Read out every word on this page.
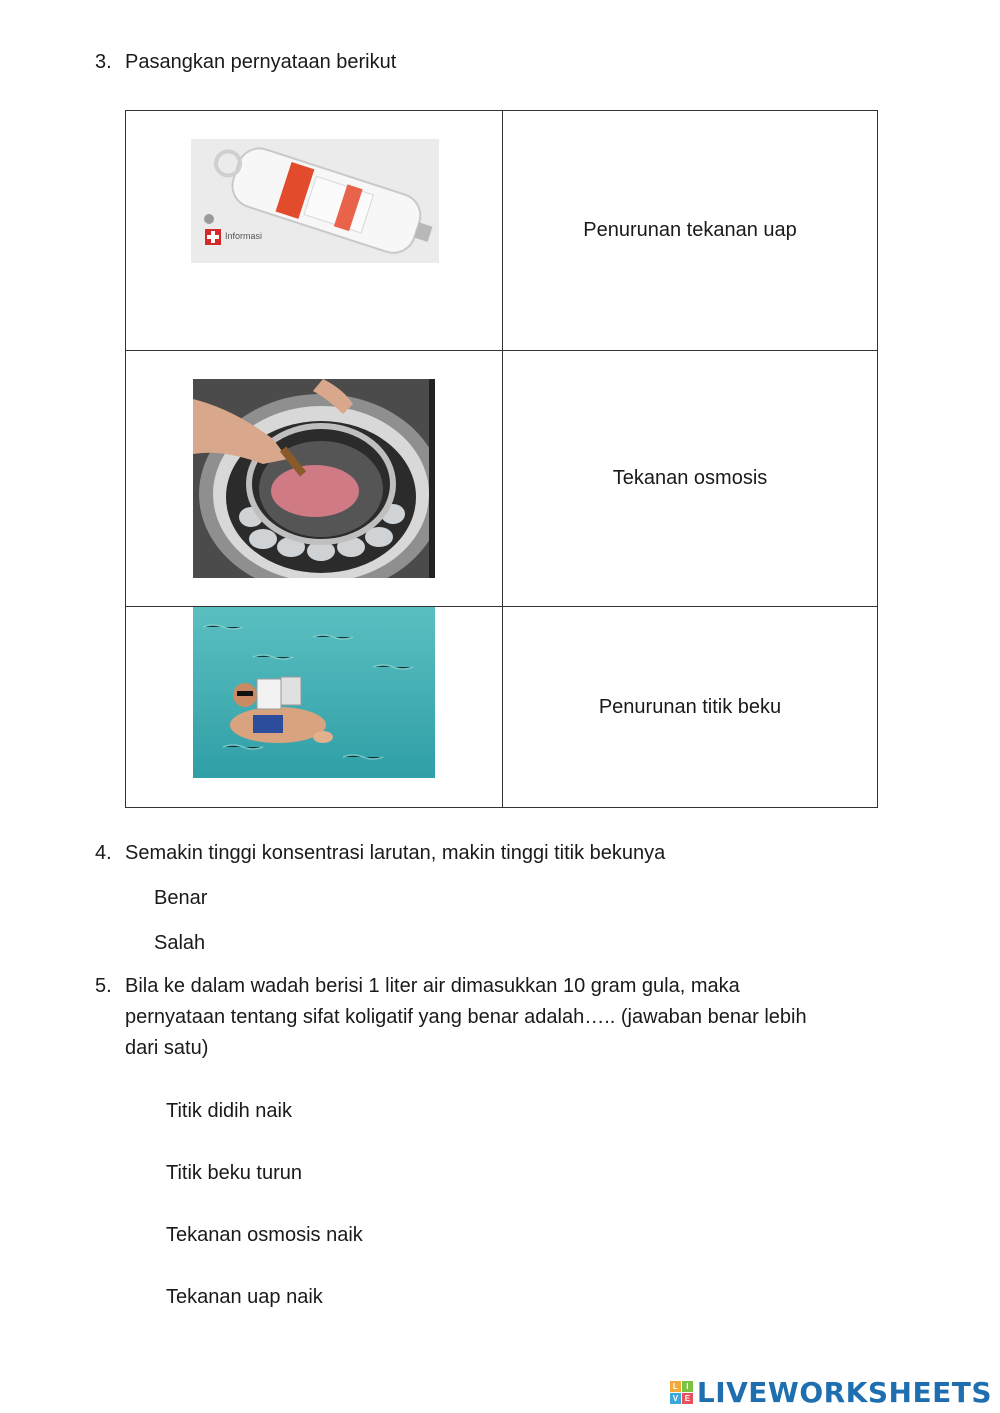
3. Pasangkan pernyataan berikut
Informasi	Penurunan tekanan uap

	Tekanan osmosis

	Penurunan titik beku
4. Semakin tinggi konsentrasi larutan, makin tinggi titik bekunya
Benar
Salah
5. Bila ke dalam wadah berisi 1 liter air dimasukkan 10 gram gula, maka
pernyataan tentang sifat koligatif yang benar adalah….. (jawaban benar lebih
dari satu)
Titik didih naik
Titik beku turun
Tekanan osmosis naik
Tekanan uap naik
L	I
V E LIVEWORKSHEETS
